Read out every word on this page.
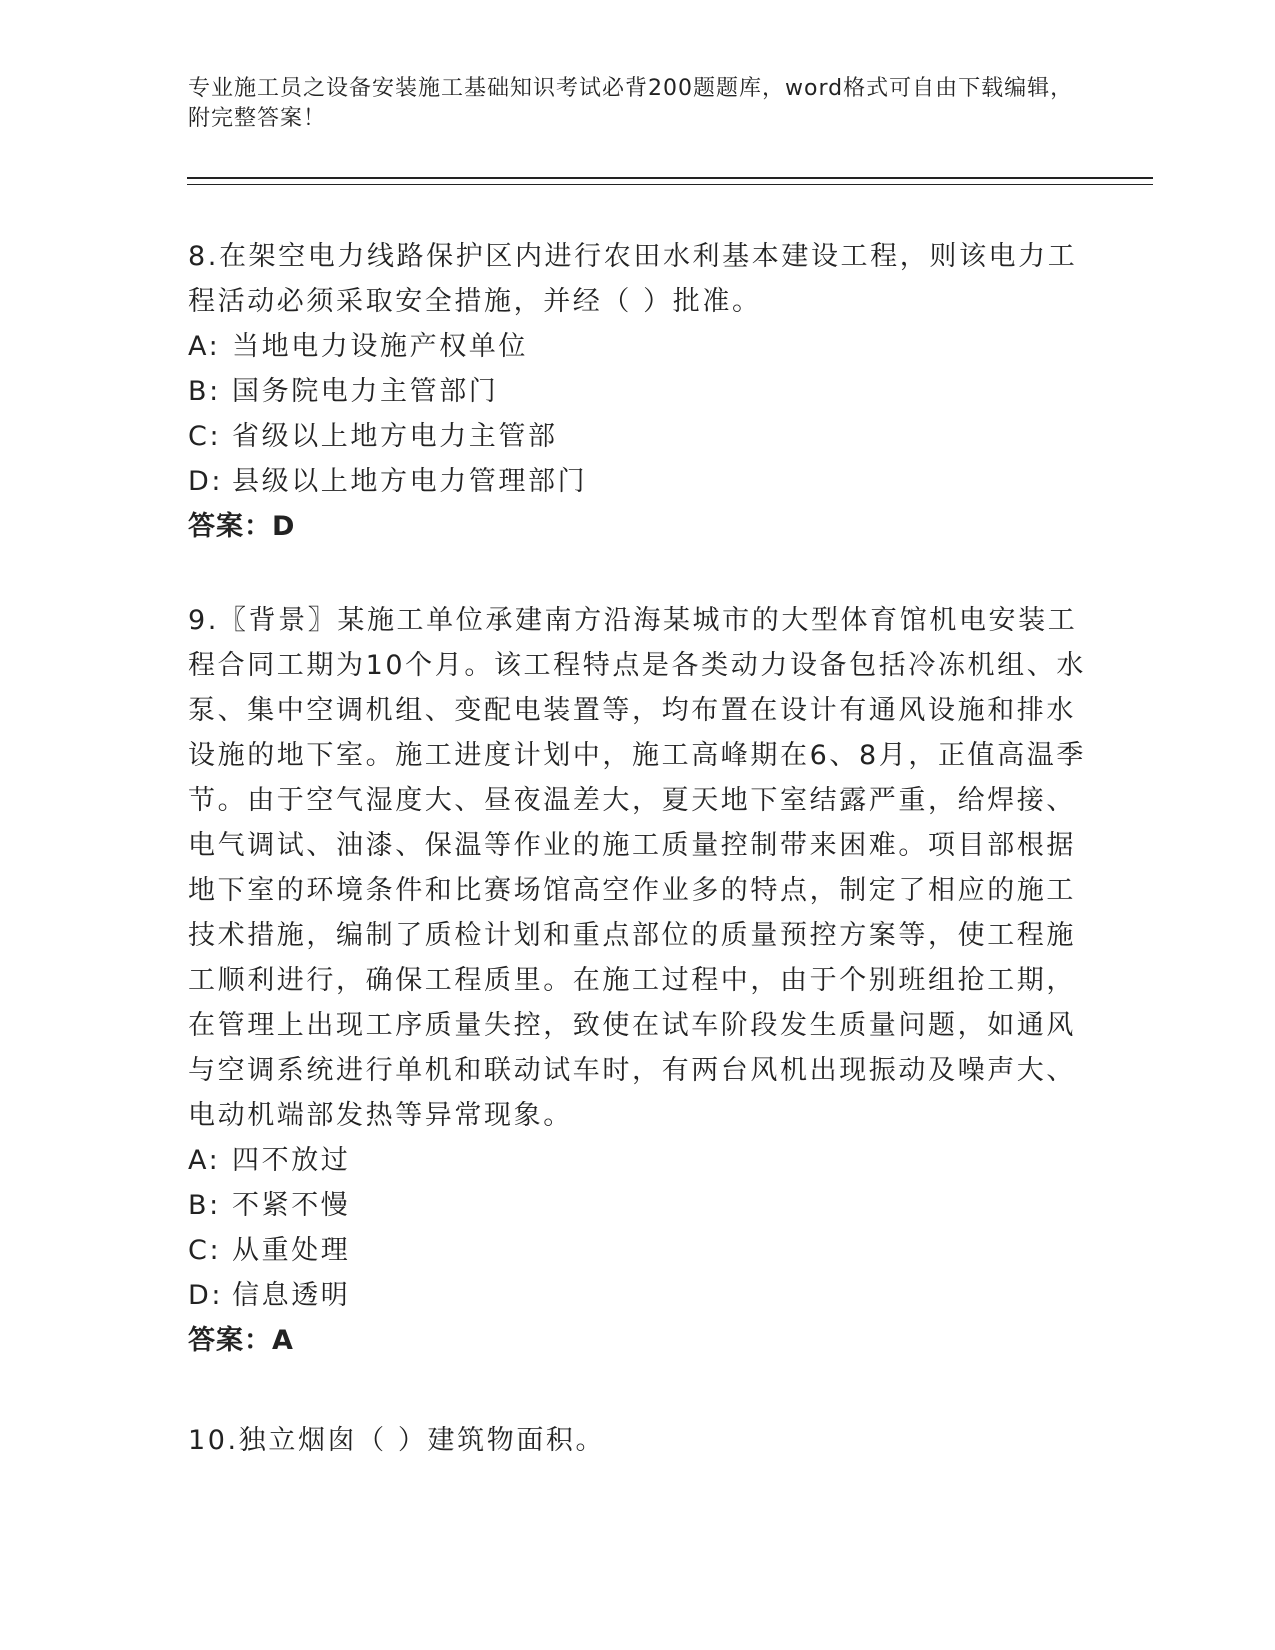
专业施工员之设备安装施工基础知识考试必背200题题库，word格式可自由下载编辑，附完整答案！
8.在架空电力线路保护区内进行农田水利基本建设工程，则该电力工程活动必须采取安全措施，并经（ ）批准。
A: 当地电力设施产权单位
B: 国务院电力主管部门
C: 省级以上地方电力主管部
D: 县级以上地方电力管理部门
答案：D
9.〖背景〗某施工单位承建南方沿海某城市的大型体育馆机电安装工程合同工期为10个月。该工程特点是各类动力设备包括冷冻机组、水泵、集中空调机组、变配电装置等，均布置在设计有通风设施和排水设施的地下室。施工进度计划中，施工高峰期在6、8月，正值高温季节。由于空气湿度大、昼夜温差大，夏天地下室结露严重，给焊接、电气调试、油漆、保温等作业的施工质量控制带来困难。项目部根据地下室的环境条件和比赛场馆高空作业多的特点，制定了相应的施工技术措施，编制了质检计划和重点部位的质量预控方案等，使工程施工顺利进行，确保工程质里。在施工过程中，由于个别班组抢工期，在管理上出现工序质量失控，致使在试车阶段发生质量问题，如通风与空调系统进行单机和联动试车时，有两台风机出现振动及噪声大、电动机端部发热等异常现象。
A: 四不放过
B: 不紧不慢
C: 从重处理
D: 信息透明
答案：A
10.独立烟囱（ ）建筑物面积。
